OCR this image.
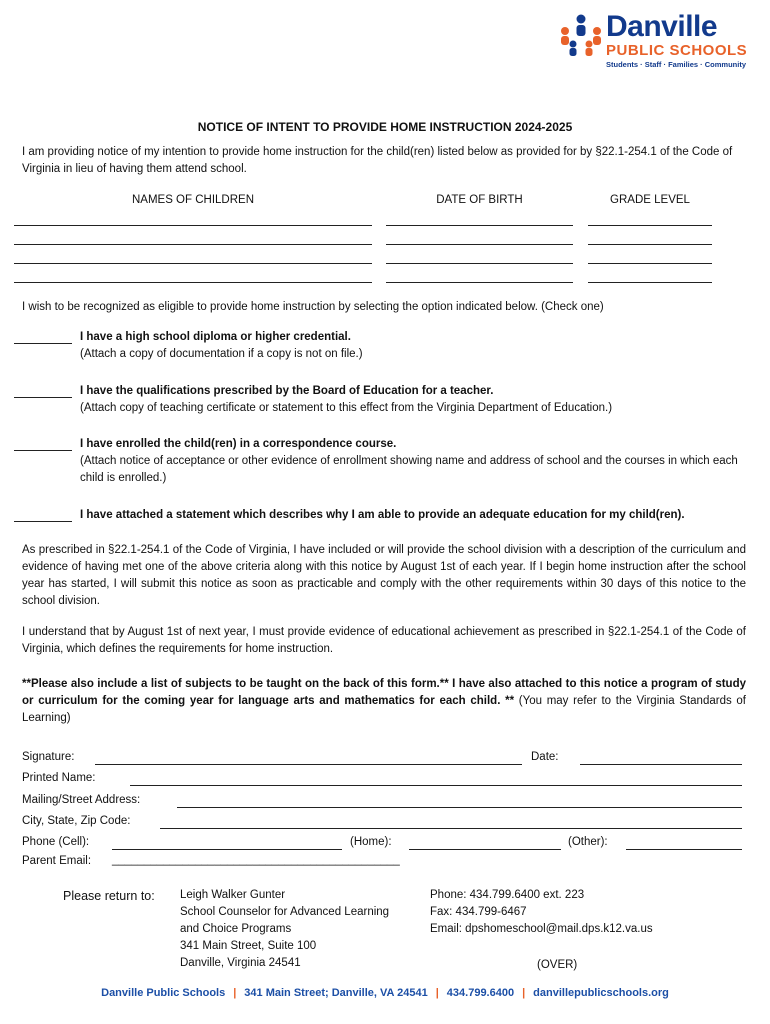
Danville
PUBLIC SCHOOLS
Students · Staff · Families · Community
NOTICE OF INTENT TO PROVIDE HOME INSTRUCTION 2024-2025
I am providing notice of my intention to provide home instruction for the child(ren) listed below as provided for by §22.1-254.1 of the Code of Virginia in lieu of having them attend school.
NAMES OF CHILDREN	DATE OF BIRTH	GRADE LEVEL
I wish to be recognized as eligible to provide home instruction by selecting the option indicated below. (Check one)
I have a high school diploma or higher credential.
(Attach a copy of documentation if a copy is not on file.)
I have the qualifications prescribed by the Board of Education for a teacher.
(Attach copy of teaching certificate or statement to this effect from the Virginia Department of Education.)
I have enrolled the child(ren) in a correspondence course.
(Attach notice of acceptance or other evidence of enrollment showing name and address of school and the courses in which each child is enrolled.)
I have attached a statement which describes why I am able to provide an adequate education for my child(ren).
As prescribed in §22.1-254.1 of the Code of Virginia, I have included or will provide the school division with a description of the curriculum and evidence of having met one of the above criteria along with this notice by August 1st of each year. If I begin home instruction after the school year has started, I will submit this notice as soon as practicable and comply with the other requirements within 30 days of this notice to the school division.
I understand that by August 1st of next year, I must provide evidence of educational achievement as prescribed in §22.1-254.1 of the Code of Virginia, which defines the requirements for home instruction.
**Please also include a list of subjects to be taught on the back of this form.** I have also attached to this notice a program of study or curriculum for the coming year for language arts and mathematics for each child. ** (You may refer to the Virginia Standards of Learning)
Signature:	Date:
Printed Name:
Mailing/Street Address:
City, State, Zip Code:
Phone (Cell):	(Home):	(Other):
Parent Email: _____________________________________________
Please return to: Leigh Walker Gunter
School Counselor for Advanced Learning
and Choice Programs
341 Main Street, Suite 100
Danville, Virginia 24541
Phone: 434.799.6400 ext. 223
Fax: 434.799-6467
Email: dpshomeschool@mail.dps.k12.va.us
(OVER)
Danville Public Schools | 341 Main Street; Danville, VA 24541 | 434.799.6400 | danvillepublicschools.org
